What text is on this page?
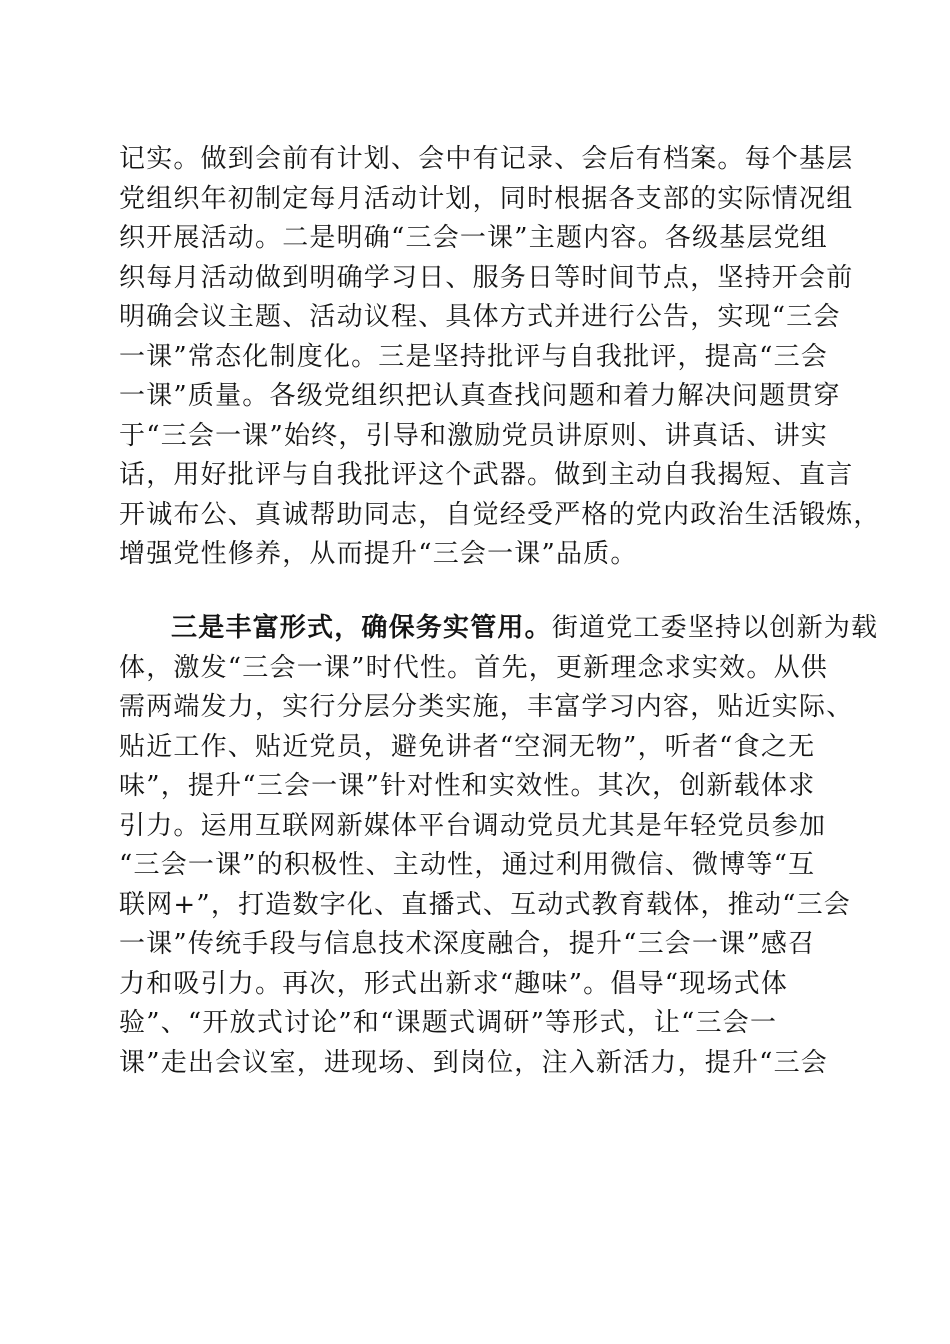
记实。做到会前有计划、会中有记录、会后有档案。每个基层
党组织年初制定每月活动计划，同时根据各支部的实际情况组
织开展活动。二是明确“三会一课”主题内容。各级基层党组
织每月活动做到明确学习日、服务日等时间节点，坚持开会前
明确会议主题、活动议程、具体方式并进行公告，实现“三会
一课”常态化制度化。三是坚持批评与自我批评，提高“三会
一课”质量。各级党组织把认真查找问题和着力解决问题贯穿
于“三会一课”始终，引导和激励党员讲原则、讲真话、讲实
话，用好批评与自我批评这个武器。做到主动自我揭短、直言
开诚布公、真诚帮助同志，自觉经受严格的党内政治生活锻炼，
增强党性修养，从而提升“三会一课”品质。
三是丰富形式，确保务实管用。街道党工委坚持以创新为载
体，激发“三会一课”时代性。首先，更新理念求实效。从供
需两端发力，实行分层分类实施，丰富学习内容，贴近实际、
贴近工作、贴近党员，避免讲者“空洞无物”，听者“食之无
味”，提升“三会一课”针对性和实效性。其次，创新载体求
引力。运用互联网新媒体平台调动党员尤其是年轻党员参加
“三会一课”的积极性、主动性，通过利用微信、微博等“互
联网+”，打造数字化、直播式、互动式教育载体，推动“三会
一课”传统手段与信息技术深度融合，提升“三会一课”感召
力和吸引力。再次，形式出新求“趣味”。倡导“现场式体
验”、“开放式讨论”和“课题式调研”等形式，让“三会一
课”走出会议室，进现场、到岗位，注入新活力，提升“三会
